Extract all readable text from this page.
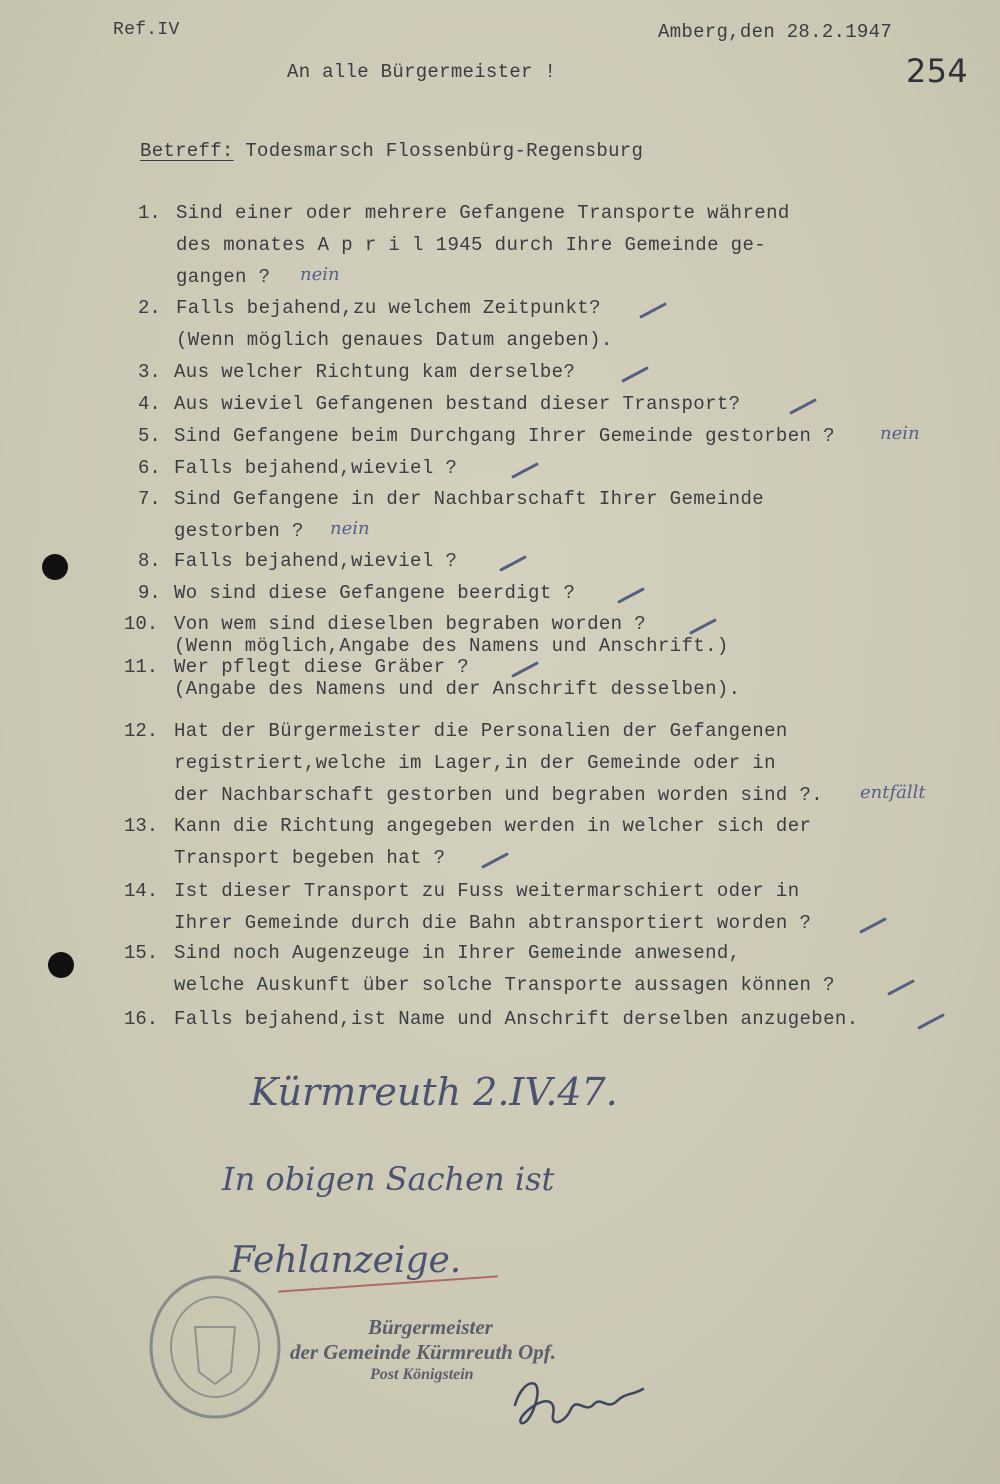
Ref.IV	Amberg,den 28.2.1947
254
An alle Bürgermeister !
Betreff: Todesmarsch Flossenbürg-Regensburg
1. Sind einer oder mehrere Gefangene Transporte während
des monates A p r i l 1945 durch Ihre Gemeinde ge-
gangen ? nein
2. Falls bejahend,zu welchem Zeitpunkt?
(Wenn möglich genaues Datum angeben).
3. Aus welcher Richtung kam derselbe?
4. Aus wieviel Gefangenen bestand dieser Transport?
5. Sind Gefangene beim Durchgang Ihrer Gemeinde gestorben ?	nein
6. Falls bejahend,wieviel ?
7. Sind Gefangene in der Nachbarschaft Ihrer Gemeinde
gestorben ? nein
8. Falls bejahend,wieviel ?
9. Wo sind diese Gefangene beerdigt ?
10. Von wem sind dieselben begraben worden ?
(Wenn möglich,Angabe des Namens und Anschrift.)
11. Wer pflegt diese Gräber ?
(Angabe des Namens und der Anschrift desselben).
12. Hat der Bürgermeister die Personalien der Gefangenen
registriert,welche im Lager,in der Gemeinde oder in
der Nachbarschaft gestorben und begraben worden sind ?. entfällt
13. Kann die Richtung angegeben werden in welcher sich der
Transport begeben hat ?
14. Ist dieser Transport zu Fuss weitermarschiert oder in
Ihrer Gemeinde durch die Bahn abtransportiert worden ?
15. Sind noch Augenzeuge in Ihrer Gemeinde anwesend,
welche Auskunft über solche Transporte aussagen können ?
16. Falls bejahend,ist Name und Anschrift derselben anzugeben.
Kürmreuth 2.IV.47.
In obigen Sachen ist
Fehlanzeige.
Bürgermeister
der Gemeinde Kürmreuth Opf.
Post Königstein
